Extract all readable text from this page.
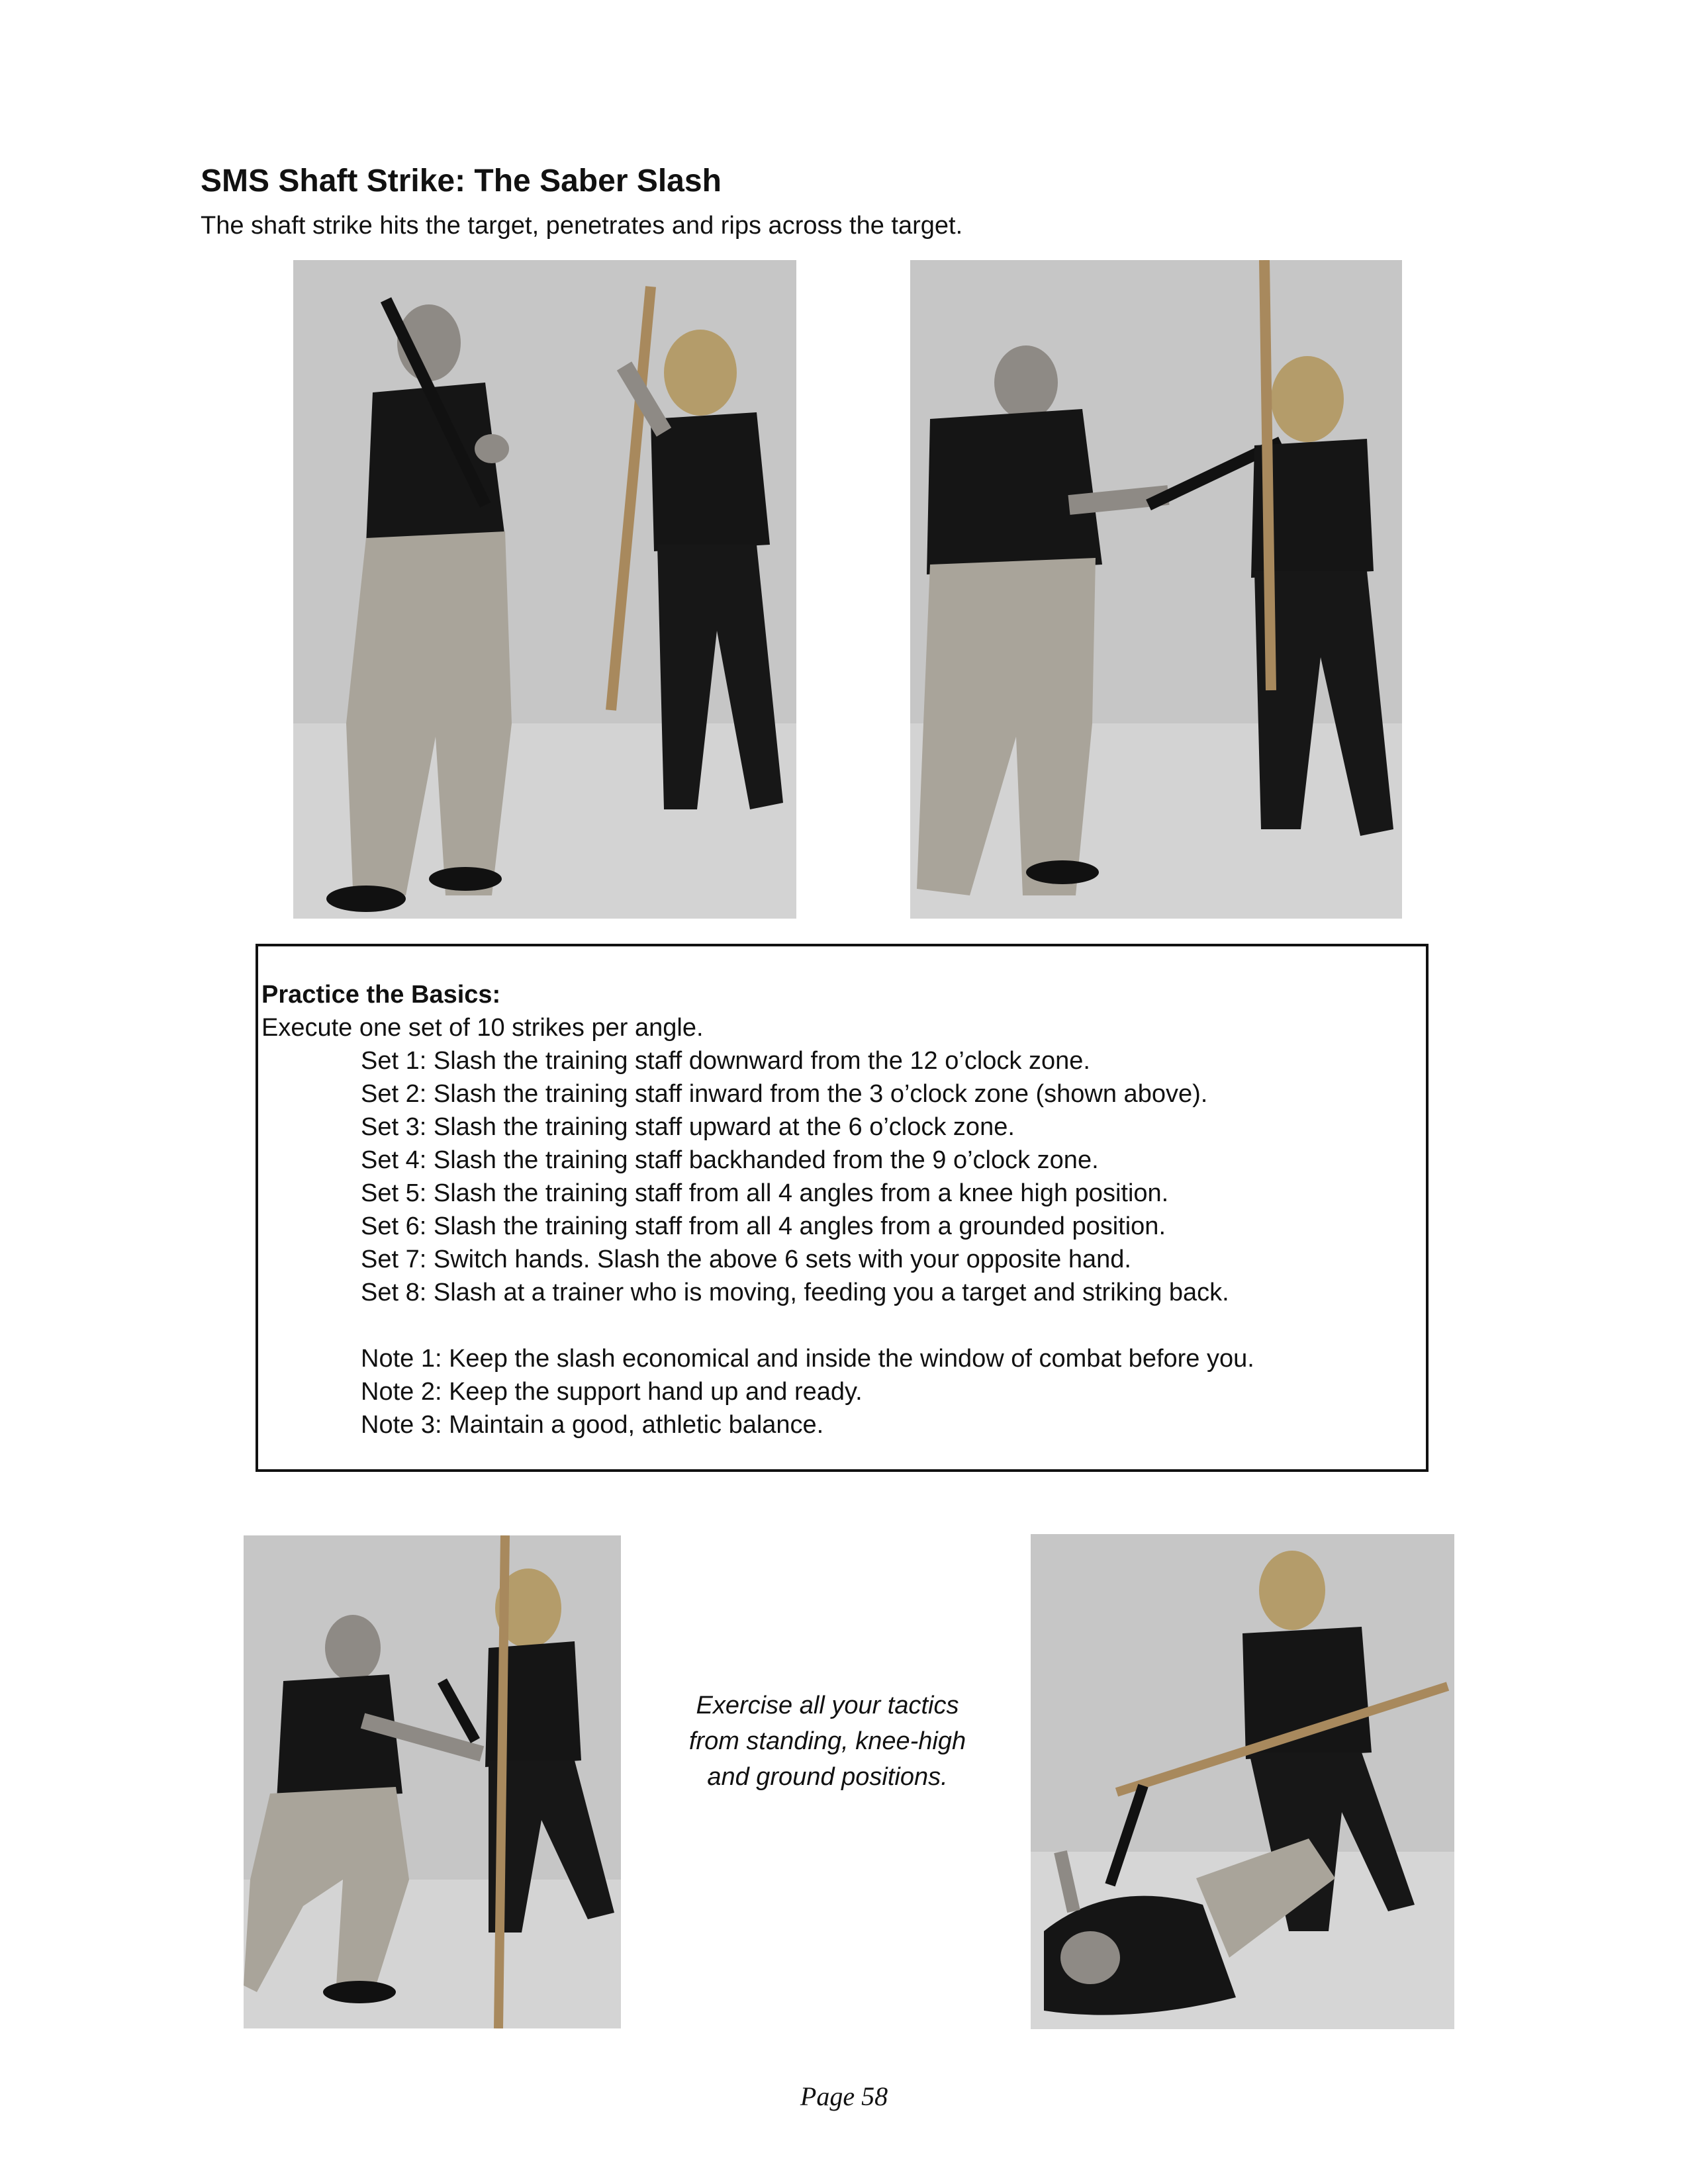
SMS Shaft Strike: The Saber Slash
The shaft strike hits the target, penetrates and rips across the target.
Practice the Basics:
Execute one set of 10 strikes per angle.
Set 1: Slash the training staff downward from the 12 o’clock zone.
Set 2: Slash the training staff inward from the 3 o’clock zone (shown above).
Set 3: Slash the training staff upward at the 6 o’clock zone.
Set 4: Slash the training staff backhanded from the 9 o’clock zone.
Set 5: Slash the training staff from all 4 angles from a knee high position.
Set 6: Slash the training staff from all 4 angles from a grounded position.
Set 7: Switch hands. Slash the above 6 sets with your opposite hand.
Set 8: Slash at a trainer who is moving, feeding you a target and striking back.
Note 1: Keep the slash economical and inside the window of combat before you.
Note 2: Keep the support hand up and ready.
Note 3: Maintain a good, athletic balance.
Exercise all your tactics
from standing, knee-high
and ground positions.
Page 58
